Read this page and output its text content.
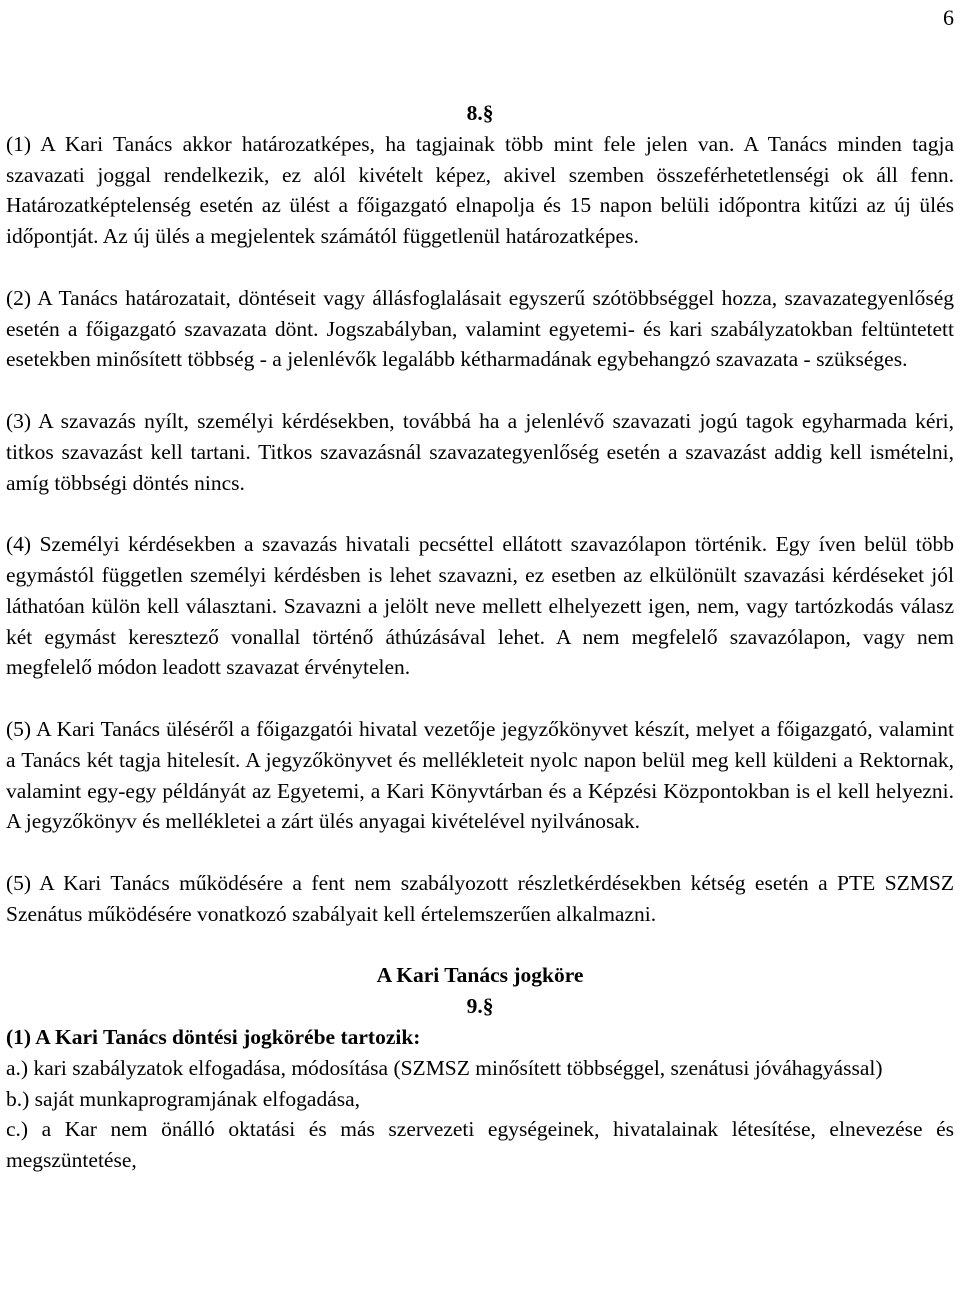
6

8.§

(1) A Kari Tanács akkor határozatképes, ha tagjainak több mint fele jelen van. A Tanács minden tagja szavazati joggal rendelkezik, ez alól kivételt képez, akivel szemben összeférhetetlenségi ok áll fenn. Határozatképtelenség esetén az ülést a főigazgató elnapolja és 15 napon belüli időpontra kitűzi az új ülés időpontját. Az új ülés a megjelentek számától függetlenül határozatképes.

(2) A Tanács határozatait, döntéseit vagy állásfoglalásait egyszerű szótöbbséggel hozza, szavazategyenlőség esetén a főigazgató szavazata dönt. Jogszabályban, valamint egyetemi- és kari szabályzatokban feltüntetett esetekben minősített többség - a jelenlévők legalább kétharmadának egybehangzó szavazata - szükséges.

(3) A szavazás nyílt, személyi kérdésekben, továbbá ha a jelenlévő szavazati jogú tagok egyharmada kéri, titkos szavazást kell tartani. Titkos szavazásnál szavazategyenlőség esetén a szavazást addig kell ismételni, amíg többségi döntés nincs.

(4) Személyi kérdésekben a szavazás hivatali pecséttel ellátott szavazólapon történik. Egy íven belül több egymástól független személyi kérdésben is lehet szavazni, ez esetben az elkülönült szavazási kérdéseket jól láthatóan külön kell választani. Szavazni a jelölt neve mellett elhelyezett igen, nem, vagy tartózkodás válasz két egymást keresztező vonallal történő áthúzásával lehet. A nem megfelelő szavazólapon, vagy nem megfelelő módon leadott szavazat érvénytelen.

(5) A Kari Tanács üléséről a főigazgatói hivatal vezetője jegyzőkönyvet készít, melyet a főigazgató, valamint a Tanács két tagja hitelesít. A jegyzőkönyvet és mellékleteit nyolc napon belül meg kell küldeni a Rektornak, valamint egy-egy példányát az Egyetemi, a Kari Könyvtárban és a Képzési Központokban is el kell helyezni. A jegyzőkönyv és mellékletei a zárt ülés anyagai kivételével nyilvánosak.

(5) A Kari Tanács működésére a fent nem szabályozott részletkérdésekben kétség esetén a PTE SZMSZ Szenátus működésére vonatkozó szabályait kell értelemszerűen alkalmazni.

A Kari Tanács jogköre

9.§

(1) A Kari Tanács döntési jogkörébe tartozik:

a.) kari szabályzatok elfogadása, módosítása (SZMSZ minősített többséggel, szenátusi jóváhagyással)

b.) saját munkaprogramjának elfogadása,

c.) a Kar nem önálló oktatási és más szervezeti egységeinek, hivatalainak létesítése, elnevezése és megszüntetése,
